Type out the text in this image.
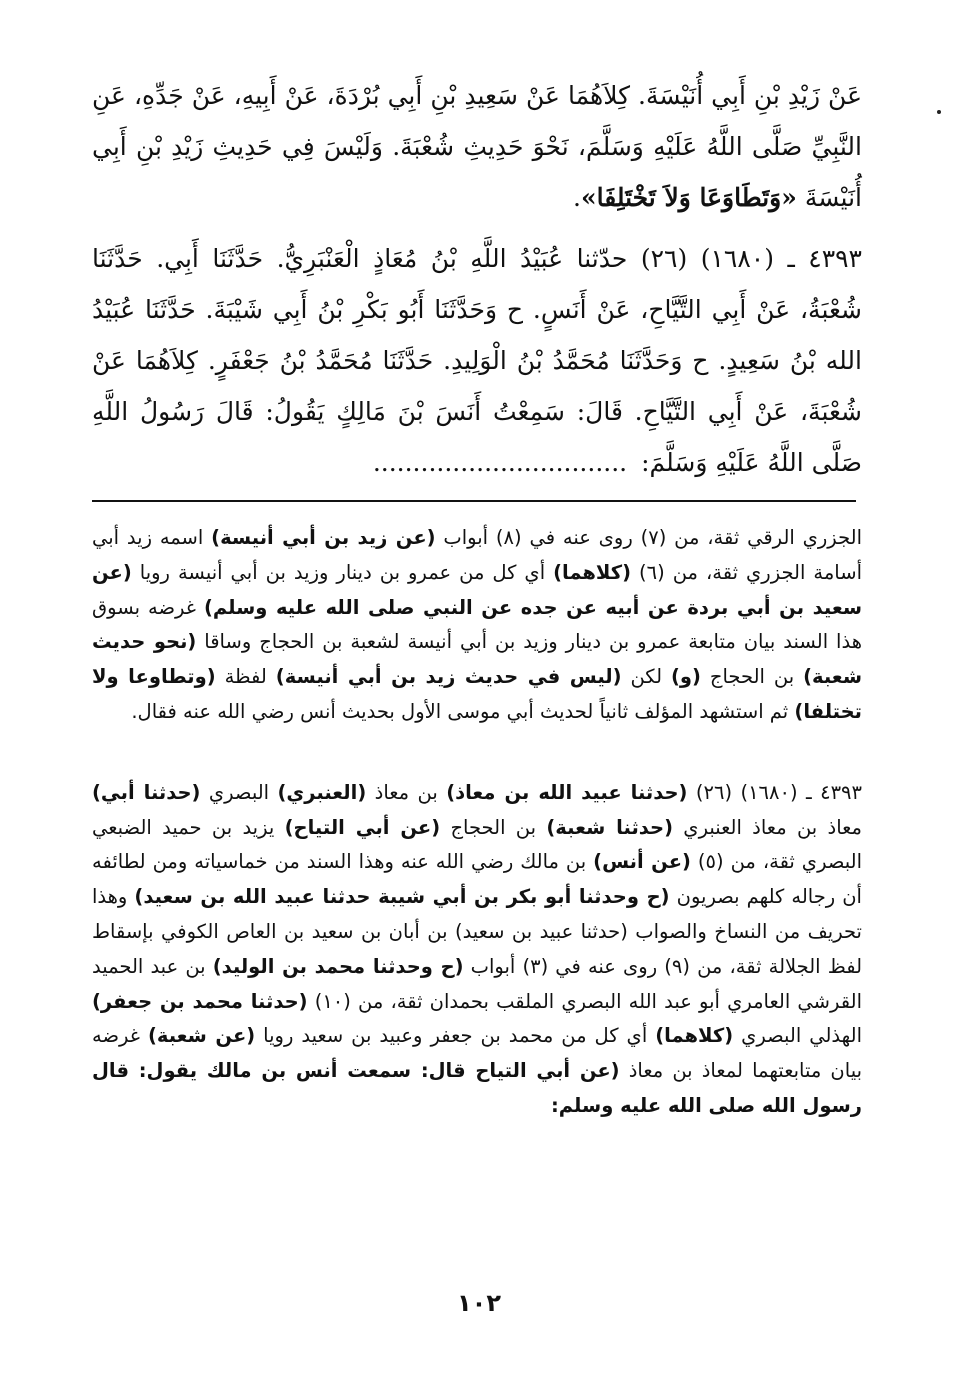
عَنْ زَيْدِ بْنِ أَبِي أُنَيْسَةَ. كِلاَهُمَا عَنْ سَعِيدِ بْنِ أَبِي بُرْدَةَ، عَنْ أَبِيهِ، عَنْ جَدِّهِ، عَنِ النَّبِيِّ صَلَّى اللَّهُ عَلَيْهِ وَسَلَّمَ، نَحْوَ حَدِيثِ شُعْبَةَ. وَلَيْسَ فِي حَدِيثِ زَيْدِ بْنِ أَبِي أُنَيْسَةَ «وَتَطَاوَعَا وَلاَ تَخْتَلِفَا».

٤٣٩٣ ـ (١٦٨٠) (٢٦) حدّثنا عُبَيْدُ اللَّهِ بْنُ مُعَاذٍ الْعَنْبَرِيُّ. حَدَّثَنَا أَبِي. حَدَّثَنَا شُعْبَةُ، عَنْ أَبِي التَّيَّاحِ، عَنْ أَنَسٍ. ح وَحَدَّثَنَا أَبُو بَكْرِ بْنُ أَبِي شَيْبَةَ. حَدَّثَنَا عُبَيْدُ الله بْنُ سَعِيدٍ. ح وَحَدَّثَنَا مُحَمَّدُ بْنُ الْوَلِيدِ. حَدَّثَنَا مُحَمَّدُ بْنُ جَعْفَرٍ. كِلاَهُمَا عَنْ شُعْبَةَ، عَنْ أَبِي التَّيَّاحِ. قَالَ: سَمِعْتُ أَنَسَ بْنَ مَالِكٍ يَقُولُ: قَالَ رَسُولُ اللَّهِ صَلَّى اللَّهُ عَلَيْهِ وَسَلَّمَ: ................................

الجزري الرقي ثقة، من (٧) روى عنه في (٨) أبواب (عن زيد بن أبي أنيسة) اسمه زيد أبي أسامة الجزري ثقة، من (٦) (كلاهما) أي كل من عمرو بن دينار وزيد بن أبي أنيسة رويا (عن سعيد بن أبي بردة عن أبيه عن جده عن النبي صلى الله عليه وسلم) غرضه بسوق هذا السند بيان متابعة عمرو بن دينار وزيد بن أبي أنيسة لشعبة بن الحجاج وساقا (نحو حديث شعبة) بن الحجاج (و) لكن (ليس في حديث زيد بن أبي أنيسة) لفظة (وتطاوعا ولا تختلفا) ثم استشهد المؤلف ثانياً لحديث أبي موسى الأول بحديث أنس رضي الله عنه فقال.

٤٣٩٣ ـ (١٦٨٠) (٢٦) (حدثنا عبيد الله بن معاذ) بن معاذ (العنبري) البصري (حدثنا أبي) معاذ بن معاذ العنبري (حدثنا شعبة) بن الحجاج (عن أبي التياح) يزيد بن حميد الضبعي البصري ثقة، من (٥) (عن أنس) بن مالك رضي الله عنه وهذا السند من خماسياته ومن لطائفه أن رجاله كلهم بصريون (ح وحدثنا أبو بكر بن أبي شيبة حدثنا عبيد الله بن سعيد) وهذا تحريف من النساخ والصواب (حدثنا عبيد بن سعيد) بن أبان بن سعيد بن العاص الكوفي بإسقاط لفظ الجلالة ثقة، من (٩) روى عنه في (٣) أبواب (ح وحدثنا محمد بن الوليد) بن عبد الحميد القرشي العامري أبو عبد الله البصري الملقب بحمدان ثقة، من (١٠) (حدثنا محمد بن جعفر) الهذلي البصري (كلاهما) أي كل من محمد بن جعفر وعبيد بن سعيد رويا (عن شعبة) غرضه بيان متابعتهما لمعاذ بن معاذ (عن أبي التياح قال: سمعت أنس بن مالك يقول: قال رسول الله صلى الله عليه وسلم:

١٠٢
